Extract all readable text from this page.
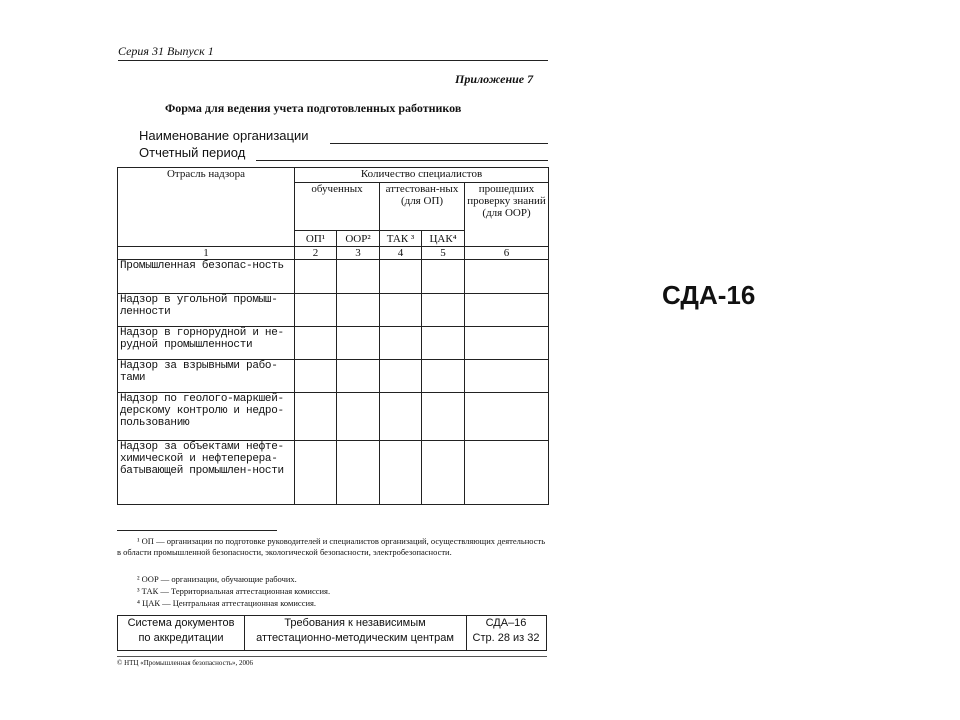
Серия 31 Выпуск 1
Приложение 7
Форма для ведения учета подготовленных работников
Наименование организации
Отчетный период
Отрасль надзора	Количество специалистов				
	обученных		аттестован-ных (для ОП)		прошедших проверку знаний (для ООР)
	ОП¹	ООР²	ТАК ³	ЦАК⁴	
1	2	3	4	5	6
Промышленная безопас-ность					
Надзор в угольной промыш-ленности					
Надзор в горнорудной и не-рудной промышленности					
Надзор за взрывными рабо-тами					
Надзор по геолого-маркшей-дерскому контролю и недро-пользованию					
Надзор за объектами нефте-химической и нефтеперера-батывающей промышлен-ности					
¹ ОП — организации по подготовке руководителей и специалистов организаций, осуществляющих деятельность в области промышленной безопасности, экологической безопасности, электробезопасности.
² ООР — организации, обучающие рабочих.
³ ТАК — Территориальная аттестационная комиссия.
⁴ ЦАК — Центральная аттестационная комиссия.
Система документов
по аккредитации
Требования к независимым
аттестационно-методическим центрам
СДА–16
Стр. 28 из 32
© НТЦ «Промышленная безопасность», 2006
СДА-16
